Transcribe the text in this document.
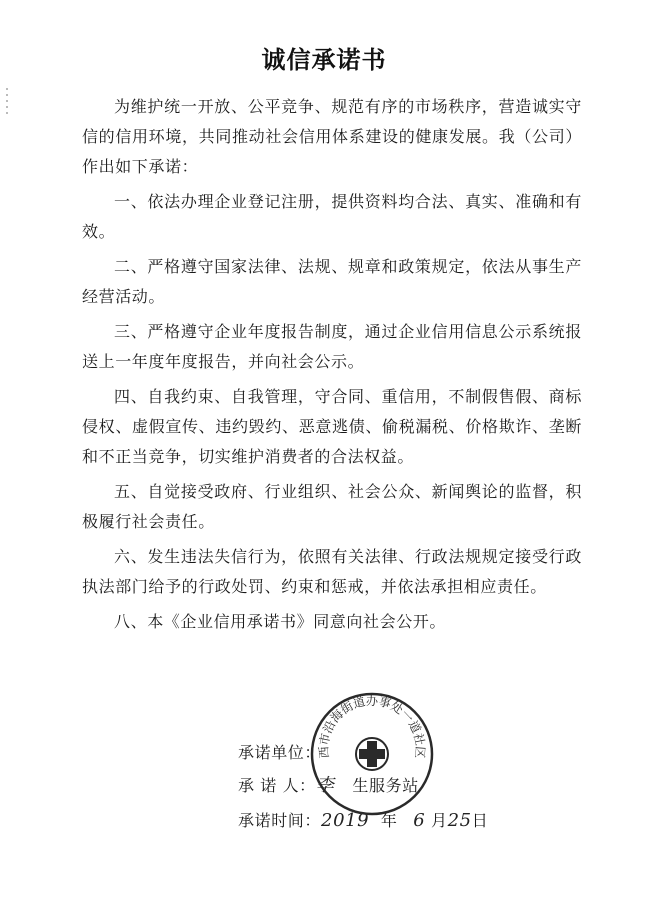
诚信承诺书

为维护统一开放、公平竞争、规范有序的市场秩序，营造诚实守信的信用环境，共同推动社会信用体系建设的健康发展。我（公司）作出如下承诺：

一、依法办理企业登记注册，提供资料均合法、真实、准确和有效。

二、严格遵守国家法律、法规、规章和政策规定，依法从事生产经营活动。

三、严格遵守企业年度报告制度，通过企业信用信息公示系统报送上一年度年度报告，并向社会公示。

四、自我约束、自我管理，守合同、重信用，不制假售假、商标侵权、虚假宣传、违约毁约、恶意逃债、偷税漏税、价格欺诈、垄断和不正当竞争，切实维护消费者的合法权益。

五、自觉接受政府、行业组织、社会公众、新闻舆论的监督，积极履行社会责任。

六、发生违法失信行为，依照有关法律、行政法规规定接受行政执法部门给予的行政处罚、约束和惩戒，并依法承担相应责任。

八、本《企业信用承诺书》同意向社会公开。

承诺单位：
承 诺 人：李 生服务站
承诺时间：2019 年 6 月25日
西市沿海街道办事处一道社区
